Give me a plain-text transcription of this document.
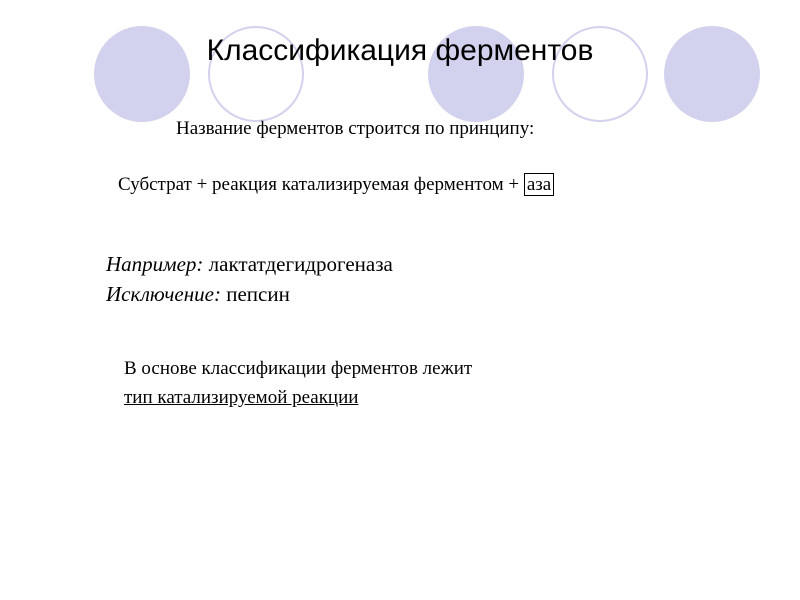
Классификация ферментов
Название ферментов строится по принципу:
Субстрат + реакция катализируемая ферментом + аза
Например: лактатдегидрогеназа
Исключение: пепсин
В основе классификации ферментов лежит
тип катализируемой реакции
